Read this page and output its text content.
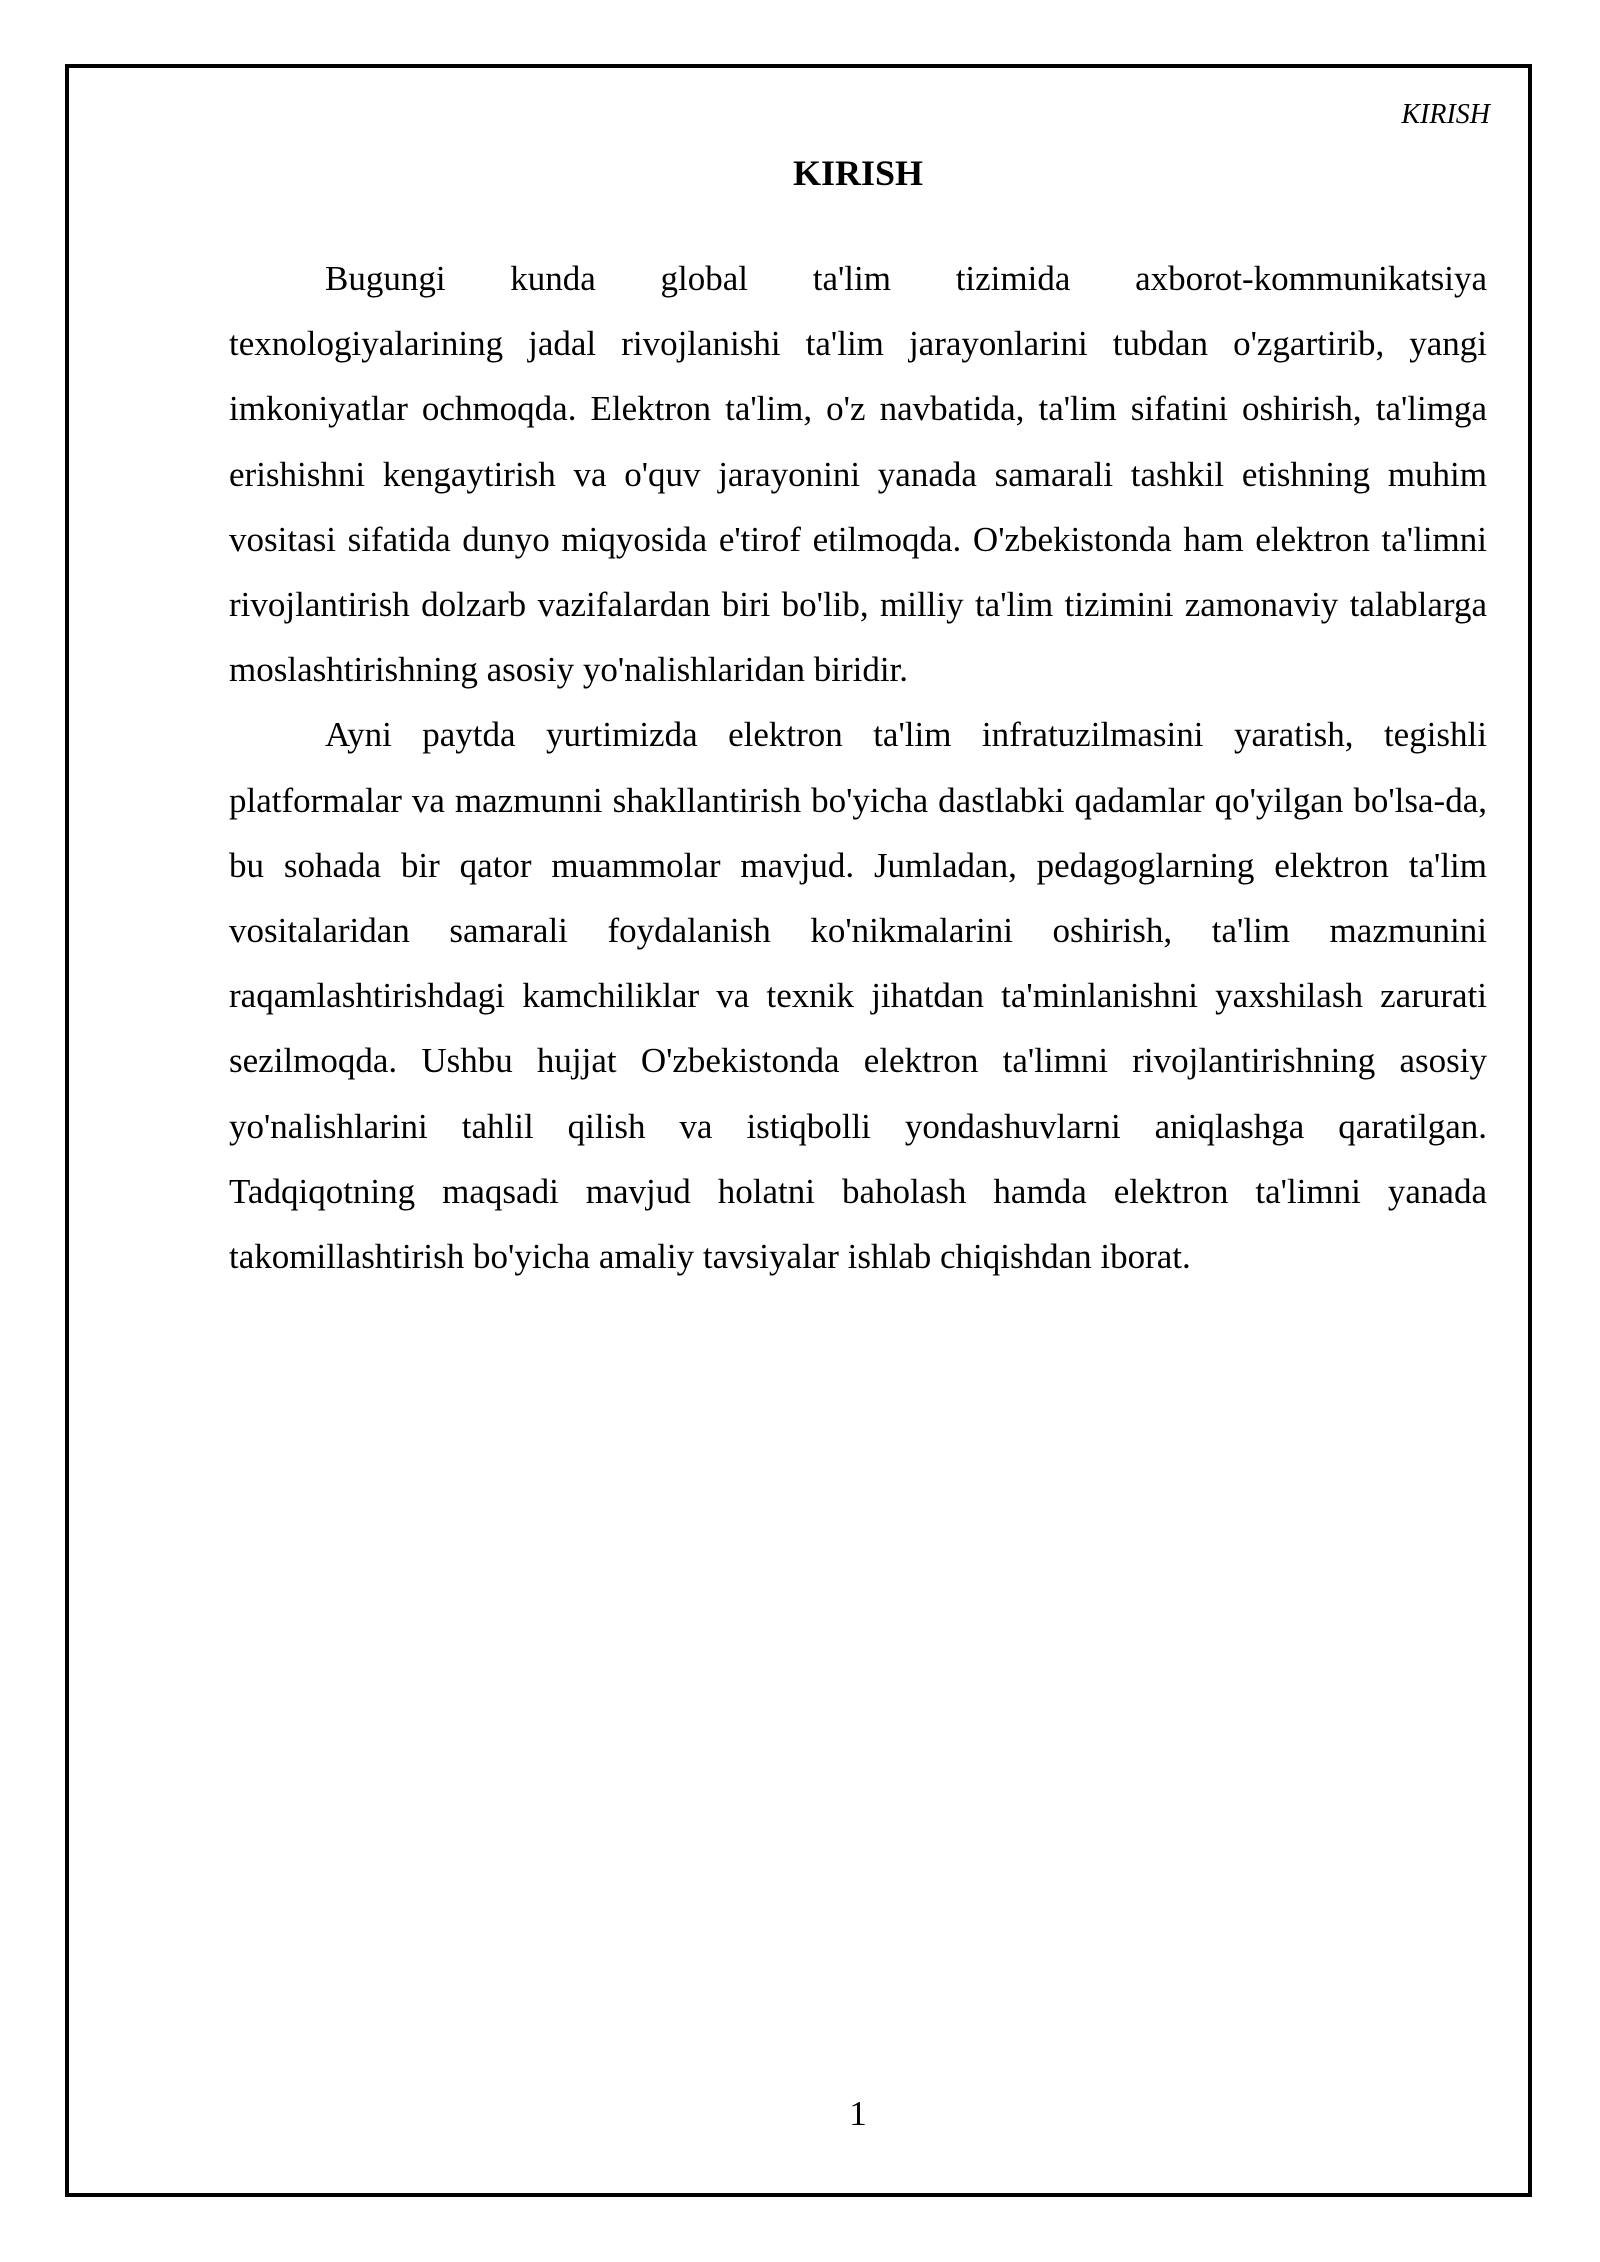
KIRISH
KIRISH

Bugungi kunda global ta'lim tizimida axborot-kommunikatsiya texnologiyalarining jadal rivojlanishi ta'lim jarayonlarini tubdan o'zgartirib, yangi imkoniyatlar ochmoqda. Elektron ta'lim, o'z navbatida, ta'lim sifatini oshirish, ta'limga erishishni kengaytirish va o'quv jarayonini yanada samarali tashkil etishning muhim vositasi sifatida dunyo miqyosida e'tirof etilmoqda. O'zbekistonda ham elektron ta'limni rivojlantirish dolzarb vazifalardan biri bo'lib, milliy ta'lim tizimini zamonaviy talablarga moslashtirishning asosiy yo'nalishlaridan biridir.

Ayni paytda yurtimizda elektron ta'lim infratuzilmasini yaratish, tegishli platformalar va mazmunni shakllantirish bo'yicha dastlabki qadamlar qo'yilgan bo'lsa-da, bu sohada bir qator muammolar mavjud. Jumladan, pedagoglarning elektron ta'lim vositalaridan samarali foydalanish ko'nikmalarini oshirish, ta'lim mazmunini raqamlashtirishdagi kamchiliklar va texnik jihatdan ta'minlanishni yaxshilash zarurati sezilmoqda. Ushbu hujjat O'zbekistonda elektron ta'limni rivojlantirishning asosiy yo'nalishlarini tahlil qilish va istiqbolli yondashuvlarni aniqlashga qaratilgan. Tadqiqotning maqsadi mavjud holatni baholash hamda elektron ta'limni yanada takomillashtirish bo'yicha amaliy tavsiyalar ishlab chiqishdan iborat.

1
